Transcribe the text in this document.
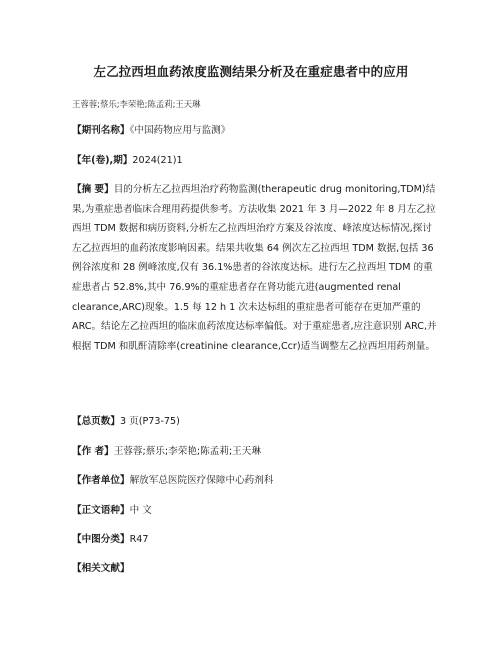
左乙拉西坦血药浓度监测结果分析及在重症患者中的应用
王蓉蓉;蔡乐;李荣艳;陈孟莉;王天琳
【期刊名称】《中国药物应用与监测》
【年(卷),期】2024(21)1
【摘 要】目的分析左乙拉西坦治疗药物监测(therapeutic drug monitoring,TDM)结果,为重症患者临床合理用药提供参考。方法收集 2021 年 3 月—2022 年 8 月左乙拉西坦 TDM 数据和病历资料,分析左乙拉西坦治疗方案及谷浓度、峰浓度达标情况,探讨左乙拉西坦的血药浓度影响因素。结果共收集 64 例次左乙拉西坦 TDM 数据,包括 36 例谷浓度和 28 例峰浓度,仅有 36.1%患者的谷浓度达标。进行左乙拉西坦 TDM 的重症患者占 52.8%,其中 76.9%的重症患者存在肾功能亢进(augmented renal clearance,ARC)现象。1.5 每 12 h 1 次未达标组的重症患者可能存在更加严重的 ARC。结论左乙拉西坦的临床血药浓度达标率偏低。对于重症患者,应注意识别 ARC,并根据 TDM 和肌酐清除率(creatinine clearance,Ccr)适当调整左乙拉西坦用药剂量。
【总页数】3 页(P73-75)
【作 者】王蓉蓉;蔡乐;李荣艳;陈孟莉;王天琳
【作者单位】解放军总医院医疗保障中心药剂科
【正文语种】中 文
【中图分类】R47
【相关文献】
